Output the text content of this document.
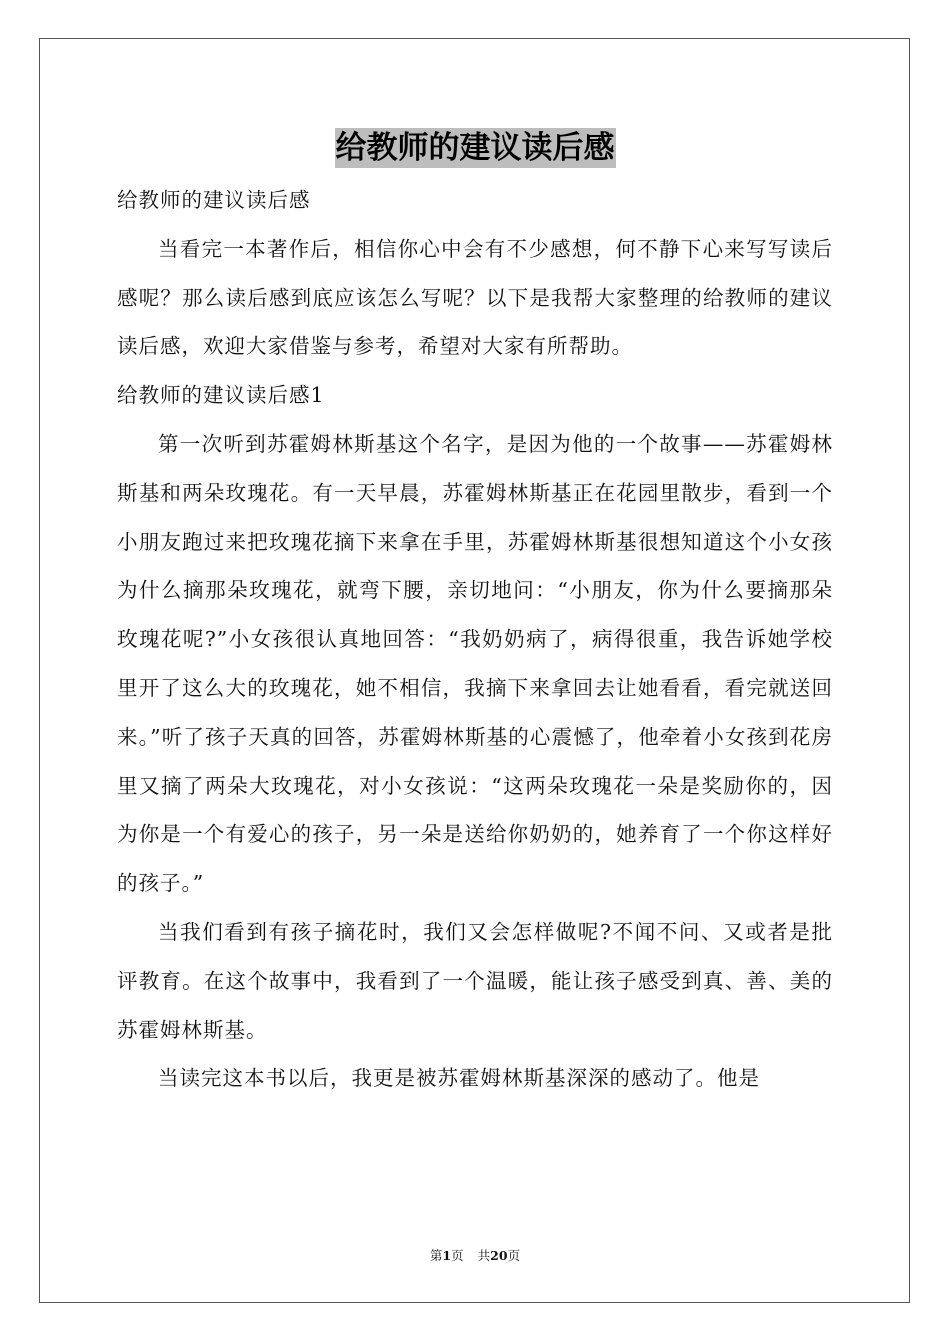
给教师的建议读后感

给教师的建议读后感

当看完一本著作后，相信你心中会有不少感想，何不静下心来写写读后感呢？那么读后感到底应该怎么写呢？以下是我帮大家整理的给教师的建议读后感，欢迎大家借鉴与参考，希望对大家有所帮助。

给教师的建议读后感1

第一次听到苏霍姆林斯基这个名字，是因为他的一个故事——苏霍姆林斯基和两朵玫瑰花。有一天早晨，苏霍姆林斯基正在花园里散步，看到一个小朋友跑过来把玫瑰花摘下来拿在手里，苏霍姆林斯基很想知道这个小女孩为什么摘那朵玫瑰花，就弯下腰，亲切地问：“小朋友，你为什么要摘那朵玫瑰花呢?”小女孩很认真地回答：“我奶奶病了，病得很重，我告诉她学校里开了这么大的玫瑰花，她不相信，我摘下来拿回去让她看看，看完就送回来。”听了孩子天真的回答，苏霍姆林斯基的心震憾了，他牵着小女孩到花房里又摘了两朵大玫瑰花，对小女孩说：“这两朵玫瑰花一朵是奖励你的，因为你是一个有爱心的孩子，另一朵是送给你奶奶的，她养育了一个你这样好的孩子。”

当我们看到有孩子摘花时，我们又会怎样做呢?不闻不问、又或者是批评教育。在这个故事中，我看到了一个温暖，能让孩子感受到真、善、美的苏霍姆林斯基。

当读完这本书以后，我更是被苏霍姆林斯基深深的感动了。他是

第1页 共20页
